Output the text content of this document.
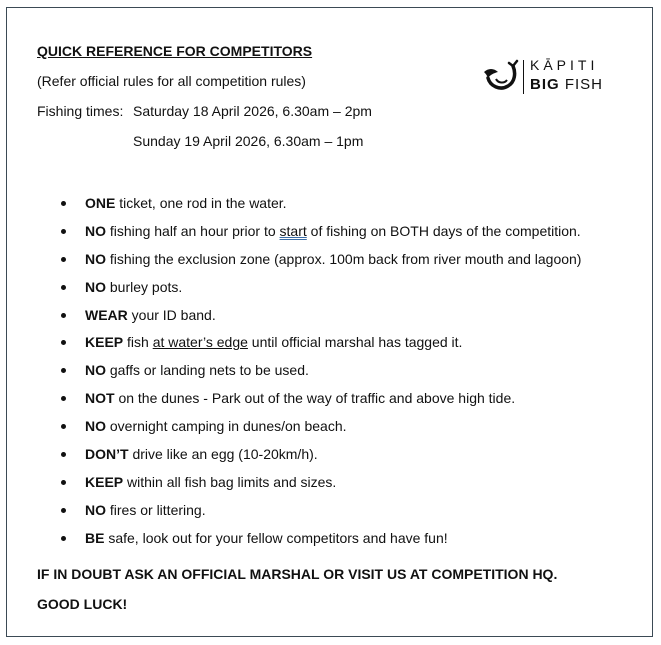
QUICK REFERENCE FOR COMPETITORS

(Refer official rules for all competition rules)

Fishing times: Saturday 18 April 2026, 6.30am – 2pm

Sunday 19 April 2026, 6.30am – 1pm

KĀPITI
BIG FISH
ONE ticket, one rod in the water.
NO fishing half an hour prior to start of fishing on BOTH days of the competition.
NO fishing the exclusion zone (approx. 100m back from river mouth and lagoon)
NO burley pots.
WEAR your ID band.
KEEP fish at water’s edge until official marshal has tagged it.
NO gaffs or landing nets to be used.
NOT on the dunes - Park out of the way of traffic and above high tide.
NO overnight camping in dunes/on beach.
DON’T drive like an egg (10-20km/h).
KEEP within all fish bag limits and sizes.
NO fires or littering.
BE safe, look out for your fellow competitors and have fun!

IF IN DOUBT ASK AN OFFICIAL MARSHAL OR VISIT US AT COMPETITION HQ.

GOOD LUCK!
